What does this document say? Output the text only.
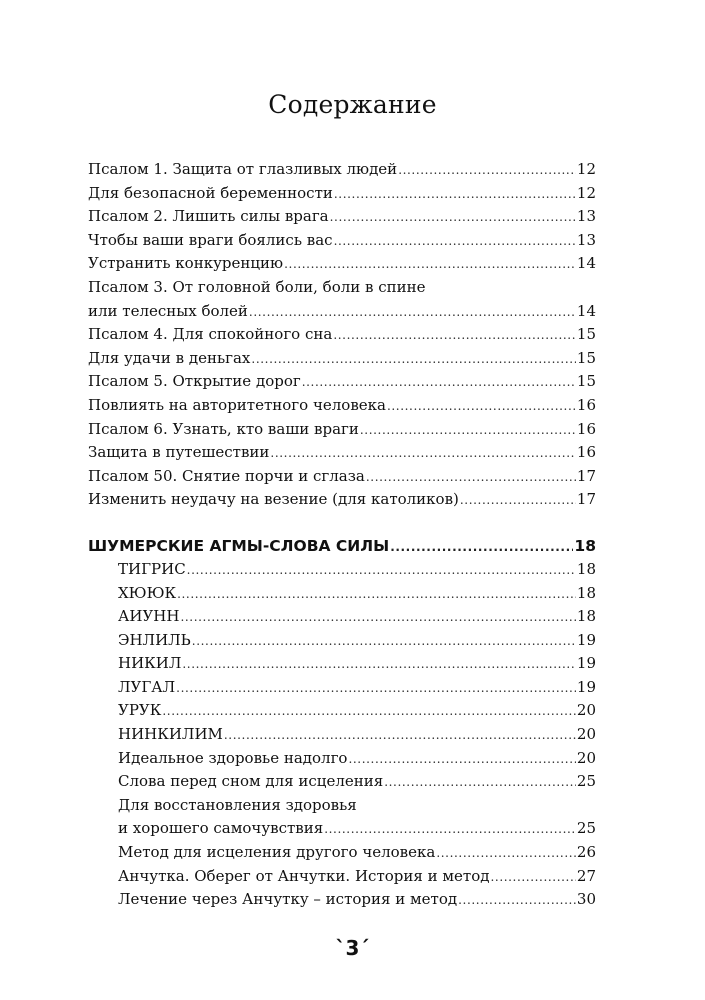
Содержание
Псалом 1. Защита от глазливых людей .....	12
Для безопасной беременности .....	12
Псалом 2. Лишить силы врага .....	13
Чтобы ваши враги боялись вас .....	13
Устранить конкуренцию .....	14
Псалом 3. От головной боли, боли в спине
или телесных болей .....	14
Псалом 4. Для спокойного сна .....	15
Для удачи в деньгах .....	15
Псалом 5. Открытие дорог .....	15
Повлиять на авторитетного человека .....	16
Псалом 6. Узнать, кто ваши враги .....	16
Защита в путешествии .....	16
Псалом 50. Снятие порчи и сглаза .....	17
Изменить неудачу на везение (для католиков) .....	17
ШУМЕРСКИЕ АГМЫ-СЛОВА СИЛЫ .....	18
ТИГРИС .....	18
ХЮЮК .....	18
АИУНН .....	18
ЭНЛИЛЬ .....	19
НИКИЛ .....	19
ЛУГАЛ .....	19
УРУК .....	20
НИНКИЛИМ .....	20
Идеальное здоровье надолго .....	20
Слова перед сном для исцеления .....	25
Для восстановления здоровья
и хорошего самочувствия .....	25
Метод для исцеления другого человека .....	26
Анчутка. Оберег от Анчутки. История и метод .....	27
Лечение через Анчутку – история и метод .....	30
`3´
